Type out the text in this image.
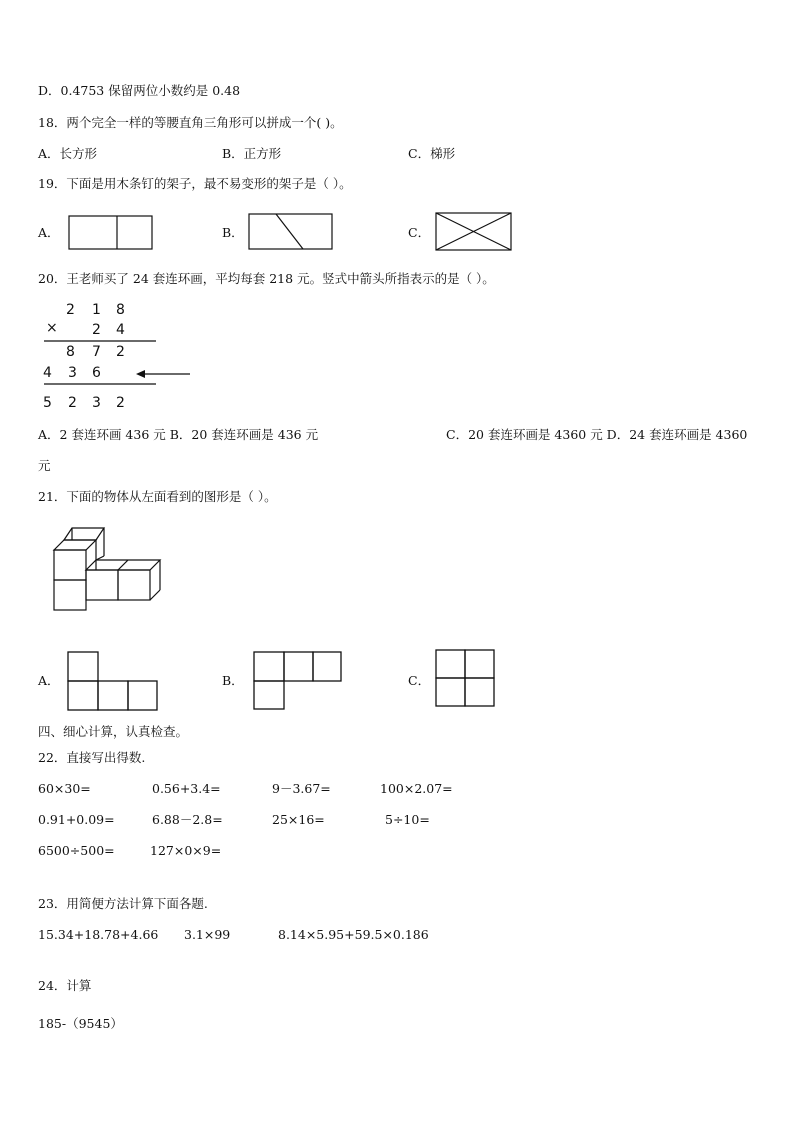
D．0.4753 保留两位小数约是 0.48
18．两个完全一样的等腰直角三角形可以拼成一个( )。
A．长方形	B．正方形	C．梯形
19．下面是用木条钉的架子，最不易变形的架子是（ ）。
A．	B．	C．
20．王老师买了 24 套连环画，平均每套 218 元。竖式中箭头所指表示的是（ ）。
2 1 8
× 2 4
8 7 2
4 3 6
5 2 3 2
A．2 套连环画 436 元 B．20 套连环画是 436 元	C．20 套连环画是 4360 元 D．24 套连环画是 4360
元
21．下面的物体从左面看到的图形是（ ）。
A．	B．	C．
四、细心计算，认真检查。
22．直接写出得数.
60×30=	0.56+3.4=	9－3.67=	100×2.07=
0.91+0.09=	6.88－2.8=	25×16=	5÷10=
6500÷500=	127×0×9=
23．用简便方法计算下面各题.
15.34+18.78+4.66 3.1×99	8.14×5.95+59.5×0.186
24．计算
185-（9545）
